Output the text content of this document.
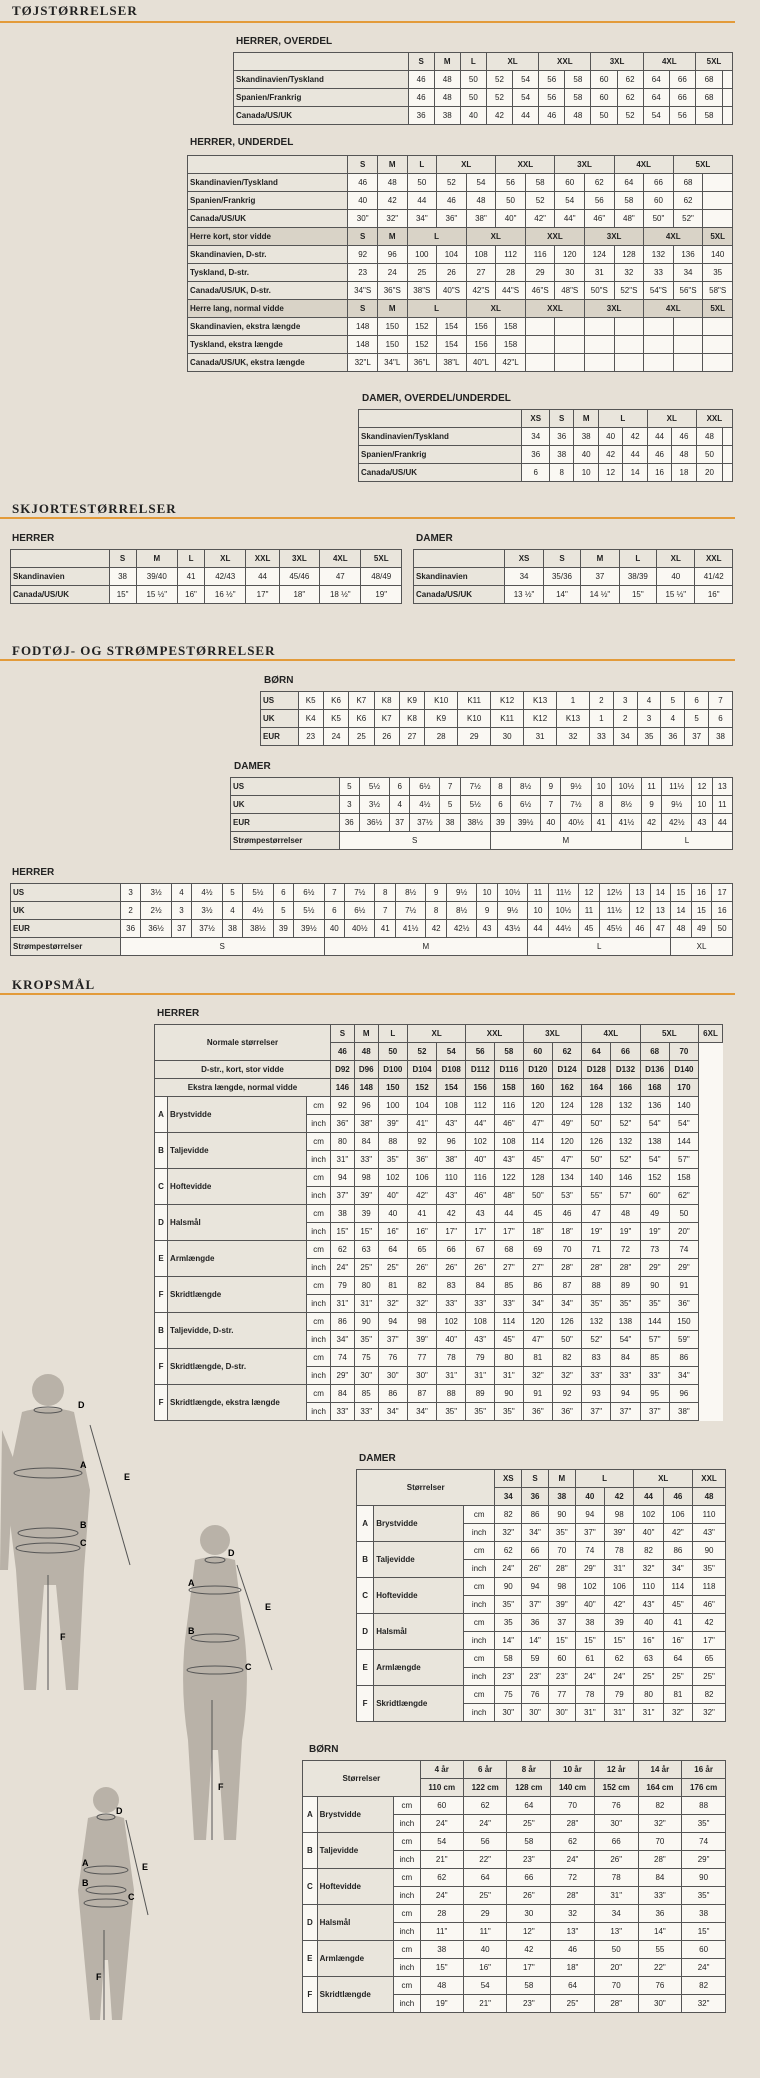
TØJSTØRRELSER
HERRER, OVERDEL
	S	M	L	XL		XXL		3XL		4XL		5XL	
Skandinavien/Tyskland	46	48	50	52	54	56	58	60	62	64	66	68	
Spanien/Frankrig	46	48	50	52	54	56	58	60	62	64	66	68	
Canada/US/UK	36	38	40	42	44	46	48	50	52	54	56	58	
HERRER, UNDERDEL
	S	M	L	XL		XXL		3XL		4XL		5XL	
Skandinavien/Tyskland	46	48	50	52	54	56	58	60	62	64	66	68	
Spanien/Frankrig	40	42	44	46	48	50	52	54	56	58	60	62	
Canada/US/UK	30"	32"	34"	36"	38"	40"	42"	44"	46"	48"	50"	52"	
Herre kort, stor vidde	S	M	L		XL		XXL		3XL		4XL		5XL
Skandinavien, D-str.	92	96	100	104	108	112	116	120	124	128	132	136	140
Tyskland, D-str.	23	24	25	26	27	28	29	30	31	32	33	34	35
Canada/US/UK, D-str.	34"S	36"S	38"S	40"S	42"S	44"S	46"S	48"S	50"S	52"S	54"S	56"S	58"S
Herre lang, normal vidde	S	M	L		XL		XXL		3XL		4XL		5XL
Skandinavien, ekstra længde	148	150	152	154	156	158							
Tyskland, ekstra længde	148	150	152	154	156	158							
Canada/US/UK, ekstra længde	32"L	34"L	36"L	38"L	40"L	42"L							
DAMER, OVERDEL/UNDERDEL
	XS	S	M	L		XL		XXL	
Skandinavien/Tyskland	34	36	38	40	42	44	46	48	
Spanien/Frankrig	36	38	40	42	44	46	48	50	
Canada/US/UK	6	8	10	12	14	16	18	20	
SKJORTESTØRRELSER
HERRER
	S	M	L	XL	XXL	3XL	4XL	5XL
Skandinavien	38	39/40	41	42/43	44	45/46	47	48/49
Canada/US/UK	15"	15 ½"	16"	16 ½"	17"	18"	18 ½"	19"
DAMER
	XS	S	M	L	XL	XXL
Skandinavien	34	35/36	37	38/39	40	41/42
Canada/US/UK	13 ½"	14"	14 ½"	15"	15 ½"	16"
FODTØJ- OG STRØMPESTØRRELSER
BØRN
US	K5	K6	K7	K8	K9	K10	K11	K12	K13	1	2	3	4	5	6	7
UK	K4	K5	K6	K7	K8	K9	K10	K11	K12	K13	1	2	3	4	5	6
EUR	23	24	25	26	27	28	29	30	31	32	33	34	35	36	37	38
DAMER
US	5	5½	6	6½	7	7½	8	8½	9	9½	10	10½	11	11½	12	13
UK	3	3½	4	4½	5	5½	6	6½	7	7½	8	8½	9	9½	10	11
EUR	36	36½	37	37½	38	38½	39	39½	40	40½	41	41½	42	42½	43	44
Strømpestørrelser	S						M						L			
HERRER
US	3	3½	4	4½	5	5½	6	6½	7	7½	8	8½	9	9½	10	10½	11	11½	12	12½	13	14	15	16	17
UK	2	2½	3	3½	4	4½	5	5½	6	6½	7	7½	8	8½	9	9½	10	10½	11	11½	12	13	14	15	16
EUR	36	36½	37	37½	38	38½	39	39½	40	40½	41	41½	42	42½	43	43½	44	44½	45	45½	46	47	48	49	50
Strømpestørrelser	S								M								L						XL		
KROPSMÅL
HERRER
Normale størrelser			S	M	L	XL		XXL		3XL		4XL		5XL		6XL
			46	48	50	52	54	56	58	60	62	64	66	68	70	
D-str., kort, stor vidde			D92	D96	D100	D104	D108	D112	D116	D120	D124	D128	D132	D136	D140	
Ekstra længde, normal vidde			146	148	150	152	154	156	158	160	162	164	166	168	170	
A	Brystvidde	cm	92	96	100	104	108	112	116	120	124	128	132	136	140	
		inch	36"	38"	39"	41"	43"	44"	46"	47"	49"	50"	52"	54"	54"	
B	Taljevidde	cm	80	84	88	92	96	102	108	114	120	126	132	138	144	
		inch	31"	33"	35"	36"	38"	40"	43"	45"	47"	50"	52"	54"	57"	
C	Hoftevidde	cm	94	98	102	106	110	116	122	128	134	140	146	152	158	
		inch	37"	39"	40"	42"	43"	46"	48"	50"	53"	55"	57"	60"	62"	
D	Halsmål	cm	38	39	40	41	42	43	44	45	46	47	48	49	50	
		inch	15"	15"	16"	16"	17"	17"	17"	18"	18"	19"	19"	19"	20"	
E	Armlængde	cm	62	63	64	65	66	67	68	69	70	71	72	73	74	
		inch	24"	25"	25"	26"	26"	26"	27"	27"	28"	28"	28"	29"	29"	
F	Skridtlængde	cm	79	80	81	82	83	84	85	86	87	88	89	90	91	
		inch	31"	31"	32"	32"	33"	33"	33"	34"	34"	35"	35"	35"	36"	
B	Taljevidde, D-str.	cm	86	90	94	98	102	108	114	120	126	132	138	144	150	
		inch	34"	35"	37"	39"	40"	43"	45"	47"	50"	52"	54"	57"	59"	
F	Skridtlængde, D-str.	cm	74	75	76	77	78	79	80	81	82	83	84	85	86	
		inch	29"	30"	30"	30"	31"	31"	31"	32"	32"	33"	33"	33"	34"	
F	Skridtlængde, ekstra længde	cm	84	85	86	87	88	89	90	91	92	93	94	95	96	
		inch	33"	33"	34"	34"	35"	35"	35"	36"	36"	37"	37"	37"	38"	
DAMER
Størrelser			XS	S	M	L		XL		XXL
			34	36	38	40	42	44	46	48
A	Brystvidde	cm	82	86	90	94	98	102	106	110
		inch	32"	34"	35"	37"	39"	40"	42"	43"
B	Taljevidde	cm	62	66	70	74	78	82	86	90
		inch	24"	26"	28"	29"	31"	32"	34"	35"
C	Hoftevidde	cm	90	94	98	102	106	110	114	118
		inch	35"	37"	39"	40"	42"	43"	45"	46"
D	Halsmål	cm	35	36	37	38	39	40	41	42
		inch	14"	14"	15"	15"	15"	16"	16"	17"
E	Armlængde	cm	58	59	60	61	62	63	64	65
		inch	23"	23"	23"	24"	24"	25"	25"	25"
F	Skridtlængde	cm	75	76	77	78	79	80	81	82
		inch	30"	30"	30"	31"	31"	31"	32"	32"
BØRN
Størrelser			4 år	6 år	8 år	10 år	12 år	14 år	16 år
			110 cm	122 cm	128 cm	140 cm	152 cm	164 cm	176 cm
A	Brystvidde	cm	60	62	64	70	76	82	88
		inch	24"	24"	25"	28"	30"	32"	35"
B	Taljevidde	cm	54	56	58	62	66	70	74
		inch	21"	22"	23"	24"	26"	28"	29"
C	Hoftevidde	cm	62	64	66	72	78	84	90
		inch	24"	25"	26"	28"	31"	33"	35"
D	Halsmål	cm	28	29	30	32	34	36	38
		inch	11"	11"	12"	13"	13"	14"	15"
E	Armlængde	cm	38	40	42	46	50	55	60
		inch	15"	16"	17"	18"	20"	22"	24"
F	Skridtlængde	cm	48	54	58	64	70	76	82
		inch	19"	21"	23"	25"	28"	30"	32"
A
B
C
D
E
F
A
B
C
D
E
F
A
B
C
D
E
F
